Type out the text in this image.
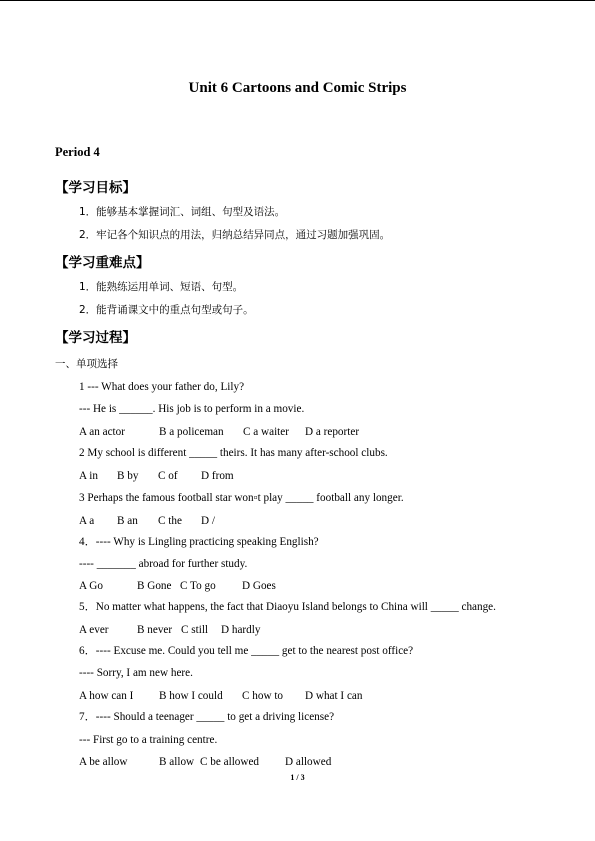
Unit 6 Cartoons and Comic Strips
Period 4
【学习目标】
1．能够基本掌握词汇、词组、句型及语法。
2．牢记各个知识点的用法，归纳总结异同点，通过习题加强巩固。
【学习重难点】
1．能熟练运用单词、短语、句型。
2．能背诵课文中的重点句型或句子。
【学习过程】
一、单项选择
1 --- What does your father do, Lily?
--- He is ______. His job is to perform in a movie.
A an actor	B a policeman C a waiter D a reporter
2 My school is different _____ theirs. It has many after-school clubs.
A in B by C of D from
3 Perhaps the famous football star won▫t play _____ football any longer.
A a B an C the D /
4．---- Why is Lingling practicing speaking English?
---- _______ abroad for further study.
A Go	B Gone C To go D Goes
5．No matter what happens, the fact that Diaoyu Island belongs to China will _____ change.
A ever	B never C still D hardly
6．---- Excuse me. Could you tell me _____ get to the nearest post office?
---- Sorry, I am new here.
A how can I B how I could C how to D what I can
7．---- Should a teenager _____ to get a driving license?
--- First go to a training centre.
A be allow	B allow C be allowed D allowed
1 / 3
